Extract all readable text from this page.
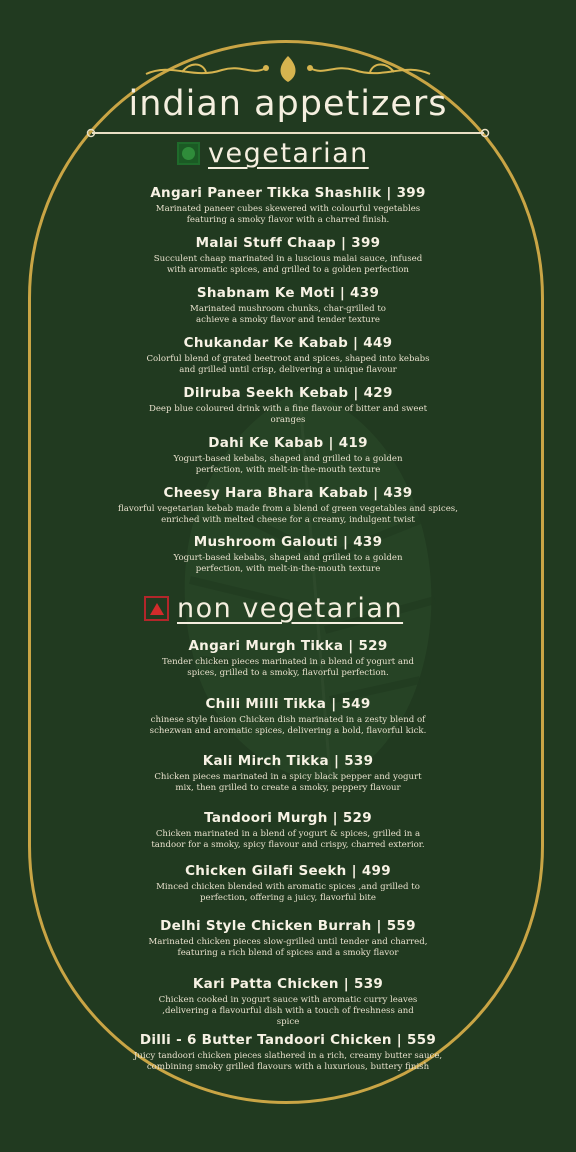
indian appetizers
vegetarian
Angari Paneer Tikka Shashlik | 399
Marinated paneer cubes skewered with colourful vegetables featuring a smoky flavor with a charred finish.
Malai Stuff Chaap | 399
Succulent chaap marinated in a luscious malai sauce, infused with aromatic spices, and grilled to a golden perfection
Shabnam Ke Moti | 439
Marinated mushroom chunks, char-grilled to achieve a smoky flavor and tender texture
Chukandar Ke Kabab | 449
Colorful blend of grated beetroot and spices, shaped into kebabs and grilled until crisp, delivering a unique flavour
Dilruba Seekh Kebab | 429
Deep blue coloured drink with a fine flavour of bitter and sweet oranges
Dahi Ke Kabab | 419
Yogurt-based kebabs, shaped and grilled to a golden perfection, with melt-in-the-mouth texture
Cheesy Hara Bhara Kabab | 439
flavorful vegetarian kebab made from a blend of green vegetables and spices, enriched with melted cheese for a creamy, indulgent twist
Mushroom Galouti | 439
Yogurt-based kebabs, shaped and grilled to a golden perfection, with melt-in-the-mouth texture
non vegetarian
Angari Murgh Tikka | 529
Tender chicken pieces marinated in a blend of yogurt and spices, grilled to a smoky, flavorful perfection.
Chili Milli Tikka | 549
chinese style fusion Chicken dish marinated in a zesty blend of schezwan and aromatic spices, delivering a bold, flavorful kick.
Kali Mirch Tikka | 539
Chicken pieces marinated in a spicy black pepper and yogurt mix, then grilled to create a smoky, peppery flavour
Tandoori Murgh | 529
Chicken marinated in a blend of yogurt & spices, grilled in a tandoor for a smoky, spicy flavour and crispy, charred exterior.
Chicken Gilafi Seekh | 499
Minced chicken blended with aromatic spices ,and grilled to perfection, offering a juicy, flavorful bite
Delhi Style Chicken Burrah | 559
Marinated chicken pieces slow-grilled until tender and charred, featuring a rich blend of spices and a smoky flavor
Kari Patta Chicken | 539
Chicken cooked in yogurt sauce with aromatic curry leaves ,delivering a flavourful dish with a touch of freshness and spice
Dilli - 6 Butter Tandoori Chicken | 559
Juicy tandoori chicken pieces slathered in a rich, creamy butter sauce, combining smoky grilled flavours with a luxurious, buttery finish
